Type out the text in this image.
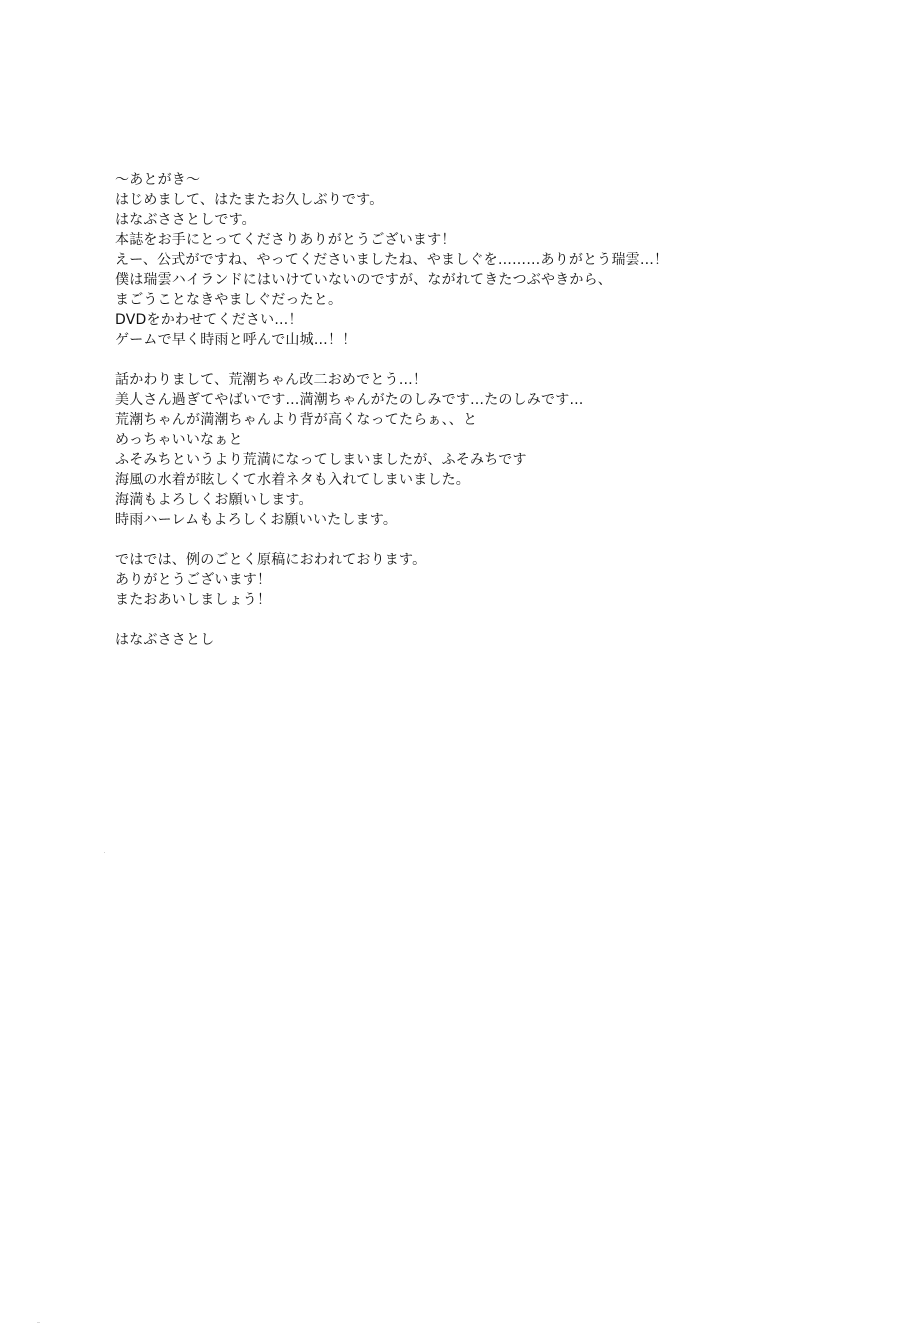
〜あとがき〜
はじめまして、はたまたお久しぶりです。
はなぶささとしです。
本誌をお手にとってくださりありがとうございます！
えー、公式がですね、やってくださいましたね、やましぐを………ありがとう瑞雲…！
僕は瑞雲ハイランドにはいけていないのですが、ながれてきたつぶやきから、
まごうことなきやましぐだったと。
DVDをかわせてください…！
ゲームで早く時雨と呼んで山城…！！
話かわりまして、荒潮ちゃん改二おめでとう…！
美人さん過ぎてやばいです…満潮ちゃんがたのしみです…たのしみです…
荒潮ちゃんが満潮ちゃんより背が高くなってたらぁ、、と
めっちゃいいなぁと
ふそみちというより荒満になってしまいましたが、ふそみちです
海風の水着が眩しくて水着ネタも入れてしまいました。
海満もよろしくお願いします。
時雨ハーレムもよろしくお願いいたします。
ではでは、例のごとく原稿におわれております。
ありがとうございます！
またおあいしましょう！
はなぶささとし
